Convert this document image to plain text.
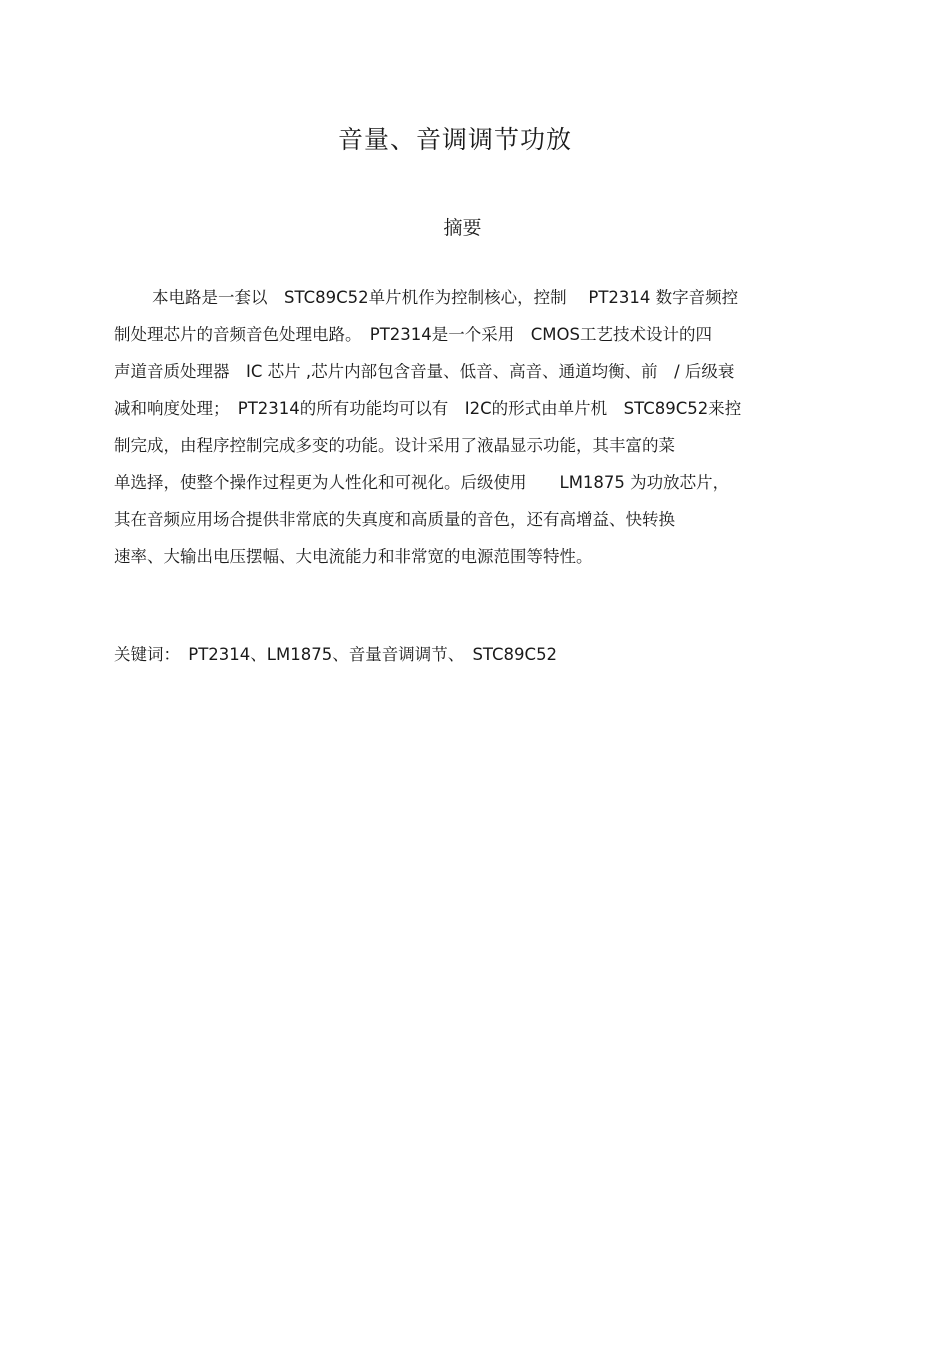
音量、音调调节功放
摘要
本电路是一套以　STC89C52单片机作为控制核心，控制　 PT2314 数字音频控
制处理芯片的音频音色处理电路。　PT2314是一个采用　CMOS工艺技术设计的四
声道音质处理器　IC 芯片 ,芯片内部包含音量、低音、高音、通道均衡、前　/ 后级衰
减和响度处理；　PT2314的所有功能均可以有　I2C的形式由单片机　STC89C52来控
制完成，由程序控制完成多变的功能。设计采用了液晶显示功能，其丰富的菜
单选择，使整个操作过程更为人性化和可视化。后级使用　　LM1875 为功放芯片，
其在音频应用场合提供非常底的失真度和高质量的音色，还有高增益、快转换
速率、大输出电压摆幅、大电流能力和非常宽的电源范围等特性。
关键词：　PT2314、LM1875、音量音调调节、　STC89C52
